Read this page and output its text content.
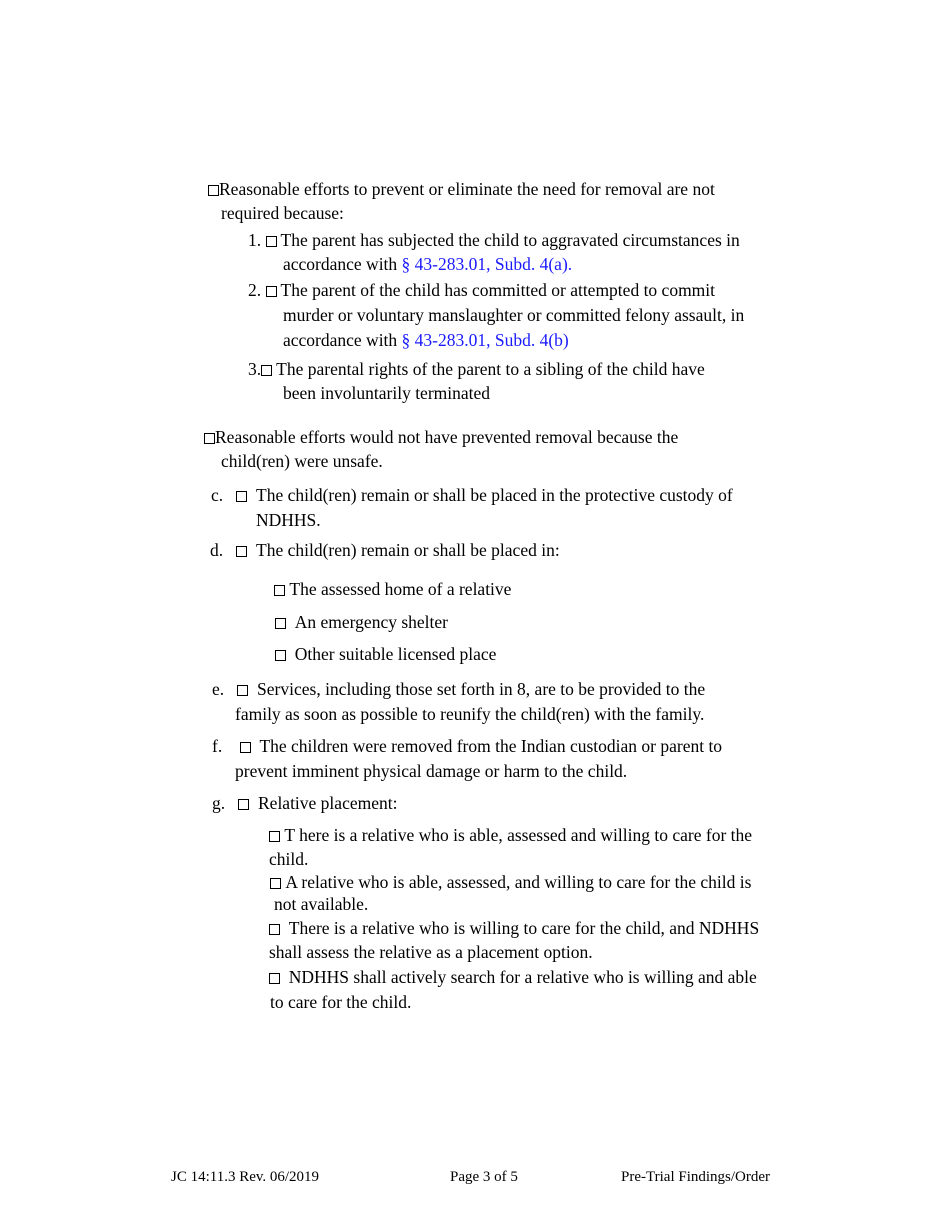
Reasonable efforts to prevent or eliminate the need for removal are not
required because:
1.  The parent has subjected the child to aggravated circumstances in
accordance with § 43-283.01, Subd. 4(a).
2.  The parent of the child has committed or attempted to commit
murder or voluntary manslaughter or committed felony assault, in
accordance with § 43-283.01, Subd. 4(b)
3. The parental rights of the parent to a sibling of the child have
been involuntarily terminated
Reasonable efforts would not have prevented removal because the
child(ren) were unsafe.
c. The child(ren) remain or shall be placed in the protective custody of
NDHHS.
d. The child(ren) remain or shall be placed in:
The assessed home of a relative
An emergency shelter
Other suitable licensed place
e. Services, including those set forth in 8, are to be provided to the
family as soon as possible to reunify the child(ren) with the family.
f. The children were removed from the Indian custodian or parent to
prevent imminent physical damage or harm to the child.
g. Relative placement:
T here is a relative who is able, assessed and willing to care for the
child.
A relative who is able, assessed, and willing to care for the child is
not available.
There is a relative who is willing to care for the child, and NDHHS
shall assess the relative as a placement option.
NDHHS shall actively search for a relative who is willing and able
to care for the child.
JC 14:11.3 Rev. 06/2019	Page 3 of 5	Pre-Trial Findings/Order
